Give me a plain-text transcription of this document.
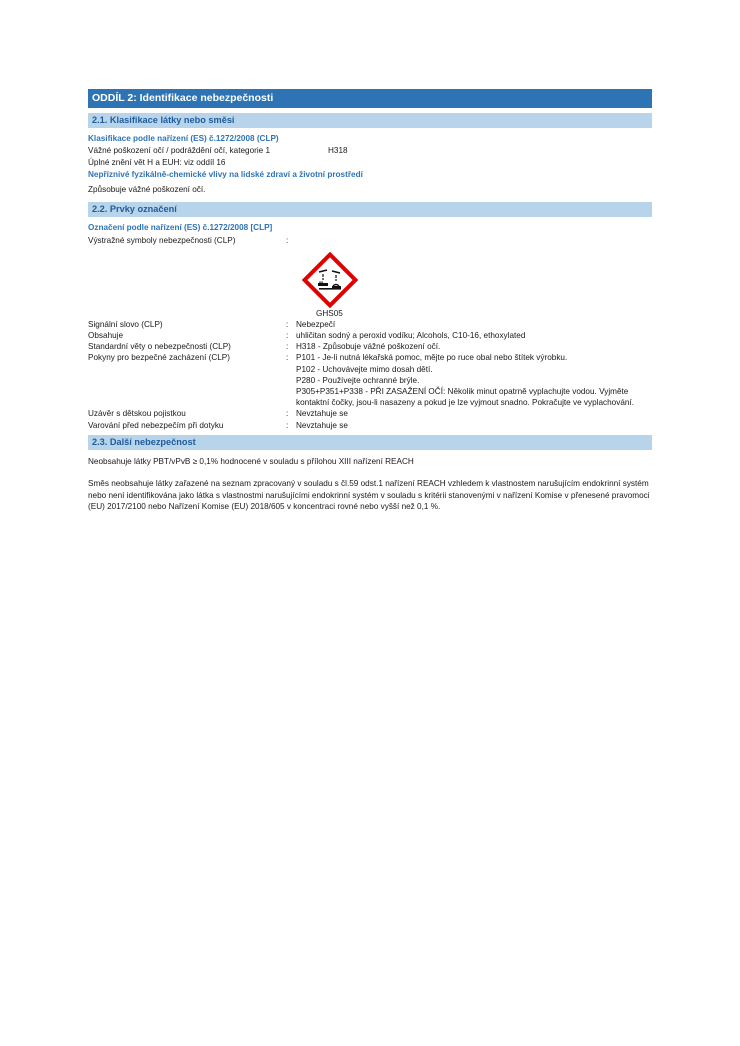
ODDÍL 2: Identifikace nebezpečnosti
2.1. Klasifikace látky nebo směsi
Klasifikace podle nařízení (ES) č.1272/2008 (CLP)
Vážné poškození očí / podráždění očí, kategorie 1	H318
Úplné znění vět H a EUH: viz oddíl 16
Nepříznivé fyzikálně-chemické vlivy na lidské zdraví a životní prostředí
Způsobuje vážné poškození očí.
2.2. Prvky označení
Označení podle nařízení (ES) č.1272/2008 [CLP]
Výstražné symboly nebezpečnosti (CLP)	:
GHS05
Signální slovo (CLP)	: Nebezpečí
Obsahuje	: uhličitan sodný a peroxid vodíku; Alcohols, C10-16, ethoxylated
Standardní věty o nebezpečnosti (CLP)	: H318 - Způsobuje vážné poškození očí.
Pokyny pro bezpečné zacházení (CLP)	: P101 - Je-li nutná lékařská pomoc, mějte po ruce obal nebo štítek výrobku.
P102 - Uchovávejte mimo dosah dětí.
P280 - Používejte ochranné brýle.
P305+P351+P338 - PŘI ZASAŽENÍ OČÍ: Několik minut opatrně vyplachujte vodou. Vyjměte kontaktní čočky, jsou-li nasazeny a pokud je lze vyjmout snadno. Pokračujte ve vyplachování.
Uzávěr s dětskou pojistkou	: Nevztahuje se
Varování před nebezpečím při dotyku	: Nevztahuje se
2.3. Další nebezpečnost
Neobsahuje látky PBT/vPvB ≥ 0,1% hodnocené v souladu s přílohou XIII nařízení REACH
Směs neobsahuje látky zařazené na seznam zpracovaný v souladu s čl.59 odst.1 nařízení REACH vzhledem k vlastnostem narušujícím endokrinní systém nebo není identifikována jako látka s vlastnostmi narušujícími endokrinní systém v souladu s kritérii stanovenými v nařízení Komise v přenesené pravomoci (EU) 2017/2100 nebo Nařízení Komise (EU) 2018/605 v koncentraci rovné nebo vyšší než 0,1 %.
